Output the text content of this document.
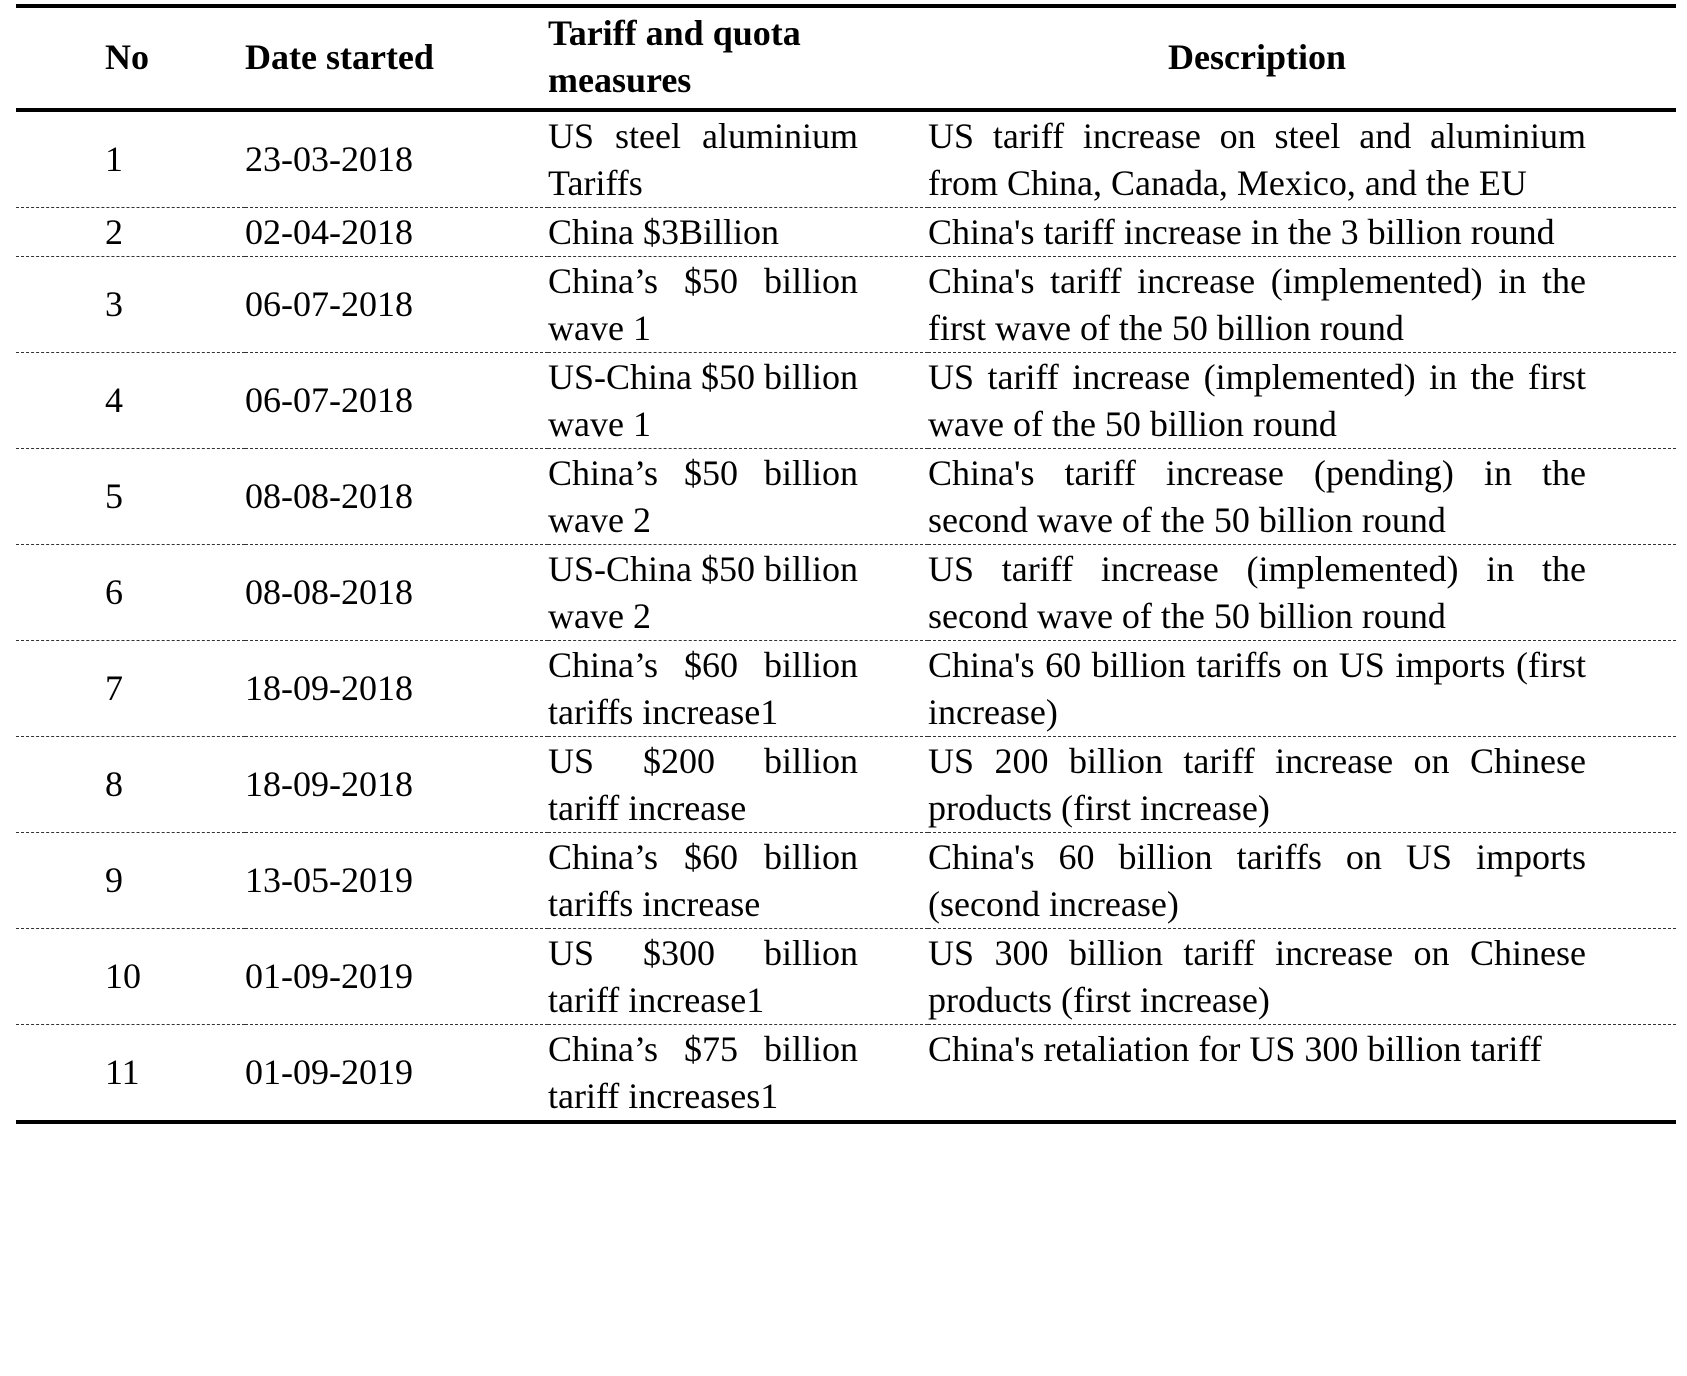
No	Date started	Tariff and quota measures	Description
1	23-03-2018	US steel aluminium Tariffs	US tariff increase on steel and aluminium from China, Canada, Mexico, and the EU
2	02-04-2018	China $3Billion	China's tariff increase in the 3 billion round
3	06-07-2018	China’s $50 billion wave 1	China's tariff increase (implemented) in the first wave of the 50 billion round
4	06-07-2018	US-China $50 billion wave 1	US tariff increase (implemented) in the first wave of the 50 billion round
5	08-08-2018	China’s $50 billion wave 2	China's tariff increase (pending) in the second wave of the 50 billion round
6	08-08-2018	US-China $50 billion wave 2	US tariff increase (implemented) in the second wave of the 50 billion round
7	18-09-2018	China’s $60 billion tariffs increase1	China's 60 billion tariffs on US imports (first increase)
8	18-09-2018	US $200 billion tariff increase	US 200 billion tariff increase on Chinese products (first increase)
9	13-05-2019	China’s $60 billion tariffs increase	China's 60 billion tariffs on US imports (second increase)
10	01-09-2019	US $300 billion tariff increase1	US 300 billion tariff increase on Chinese products (first increase)
11	01-09-2019	China’s $75 billion tariff increases1	China's retaliation for US 300 billion tariff
